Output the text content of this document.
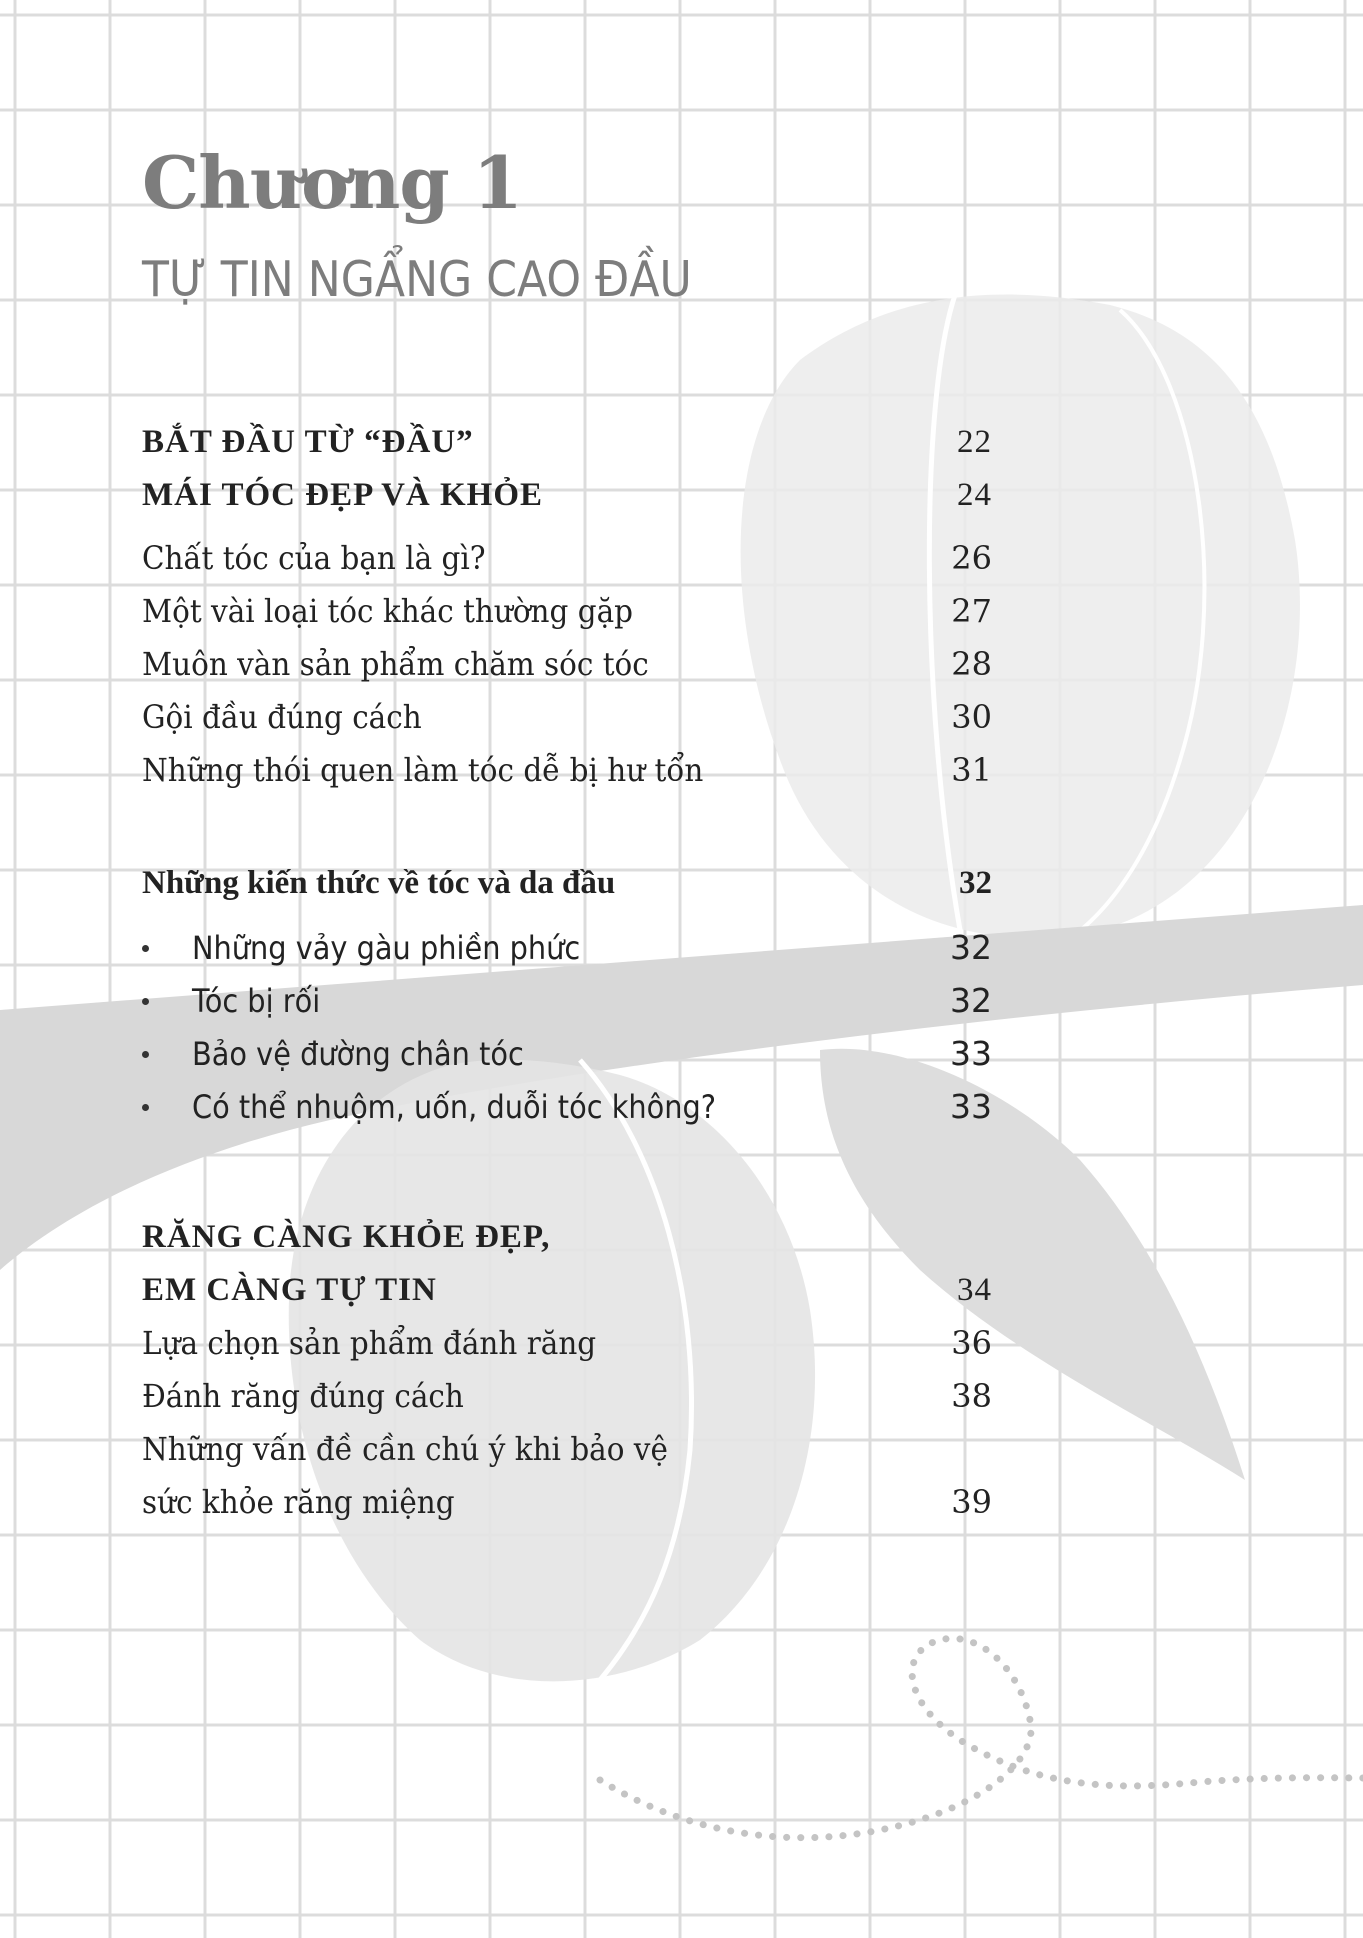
Chương 1
TỰ TIN NGẨNG CAO ĐẦU
BẮT ĐẦU TỪ “ĐẦU”	22
MÁI TÓC ĐẸP VÀ KHỎE	24
Chất tóc của bạn là gì?	26
Một vài loại tóc khác thường gặp	27
Muôn vàn sản phẩm chăm sóc tóc	28
Gội đầu đúng cách	30
Những thói quen làm tóc dễ bị hư tổn	31
Những kiến thức về tóc và da đầu	32
Những vảy gàu phiền phức	32
Tóc bị rối	32
Bảo vệ đường chân tóc	33
Có thể nhuộm, uốn, duỗi tóc không?	33
RĂNG CÀNG KHỎE ĐẸP,
EM CÀNG TỰ TIN	34
Lựa chọn sản phẩm đánh răng	36
Đánh răng đúng cách	38
Những vấn đề cần chú ý khi bảo vệ
sức khỏe răng miệng	39
